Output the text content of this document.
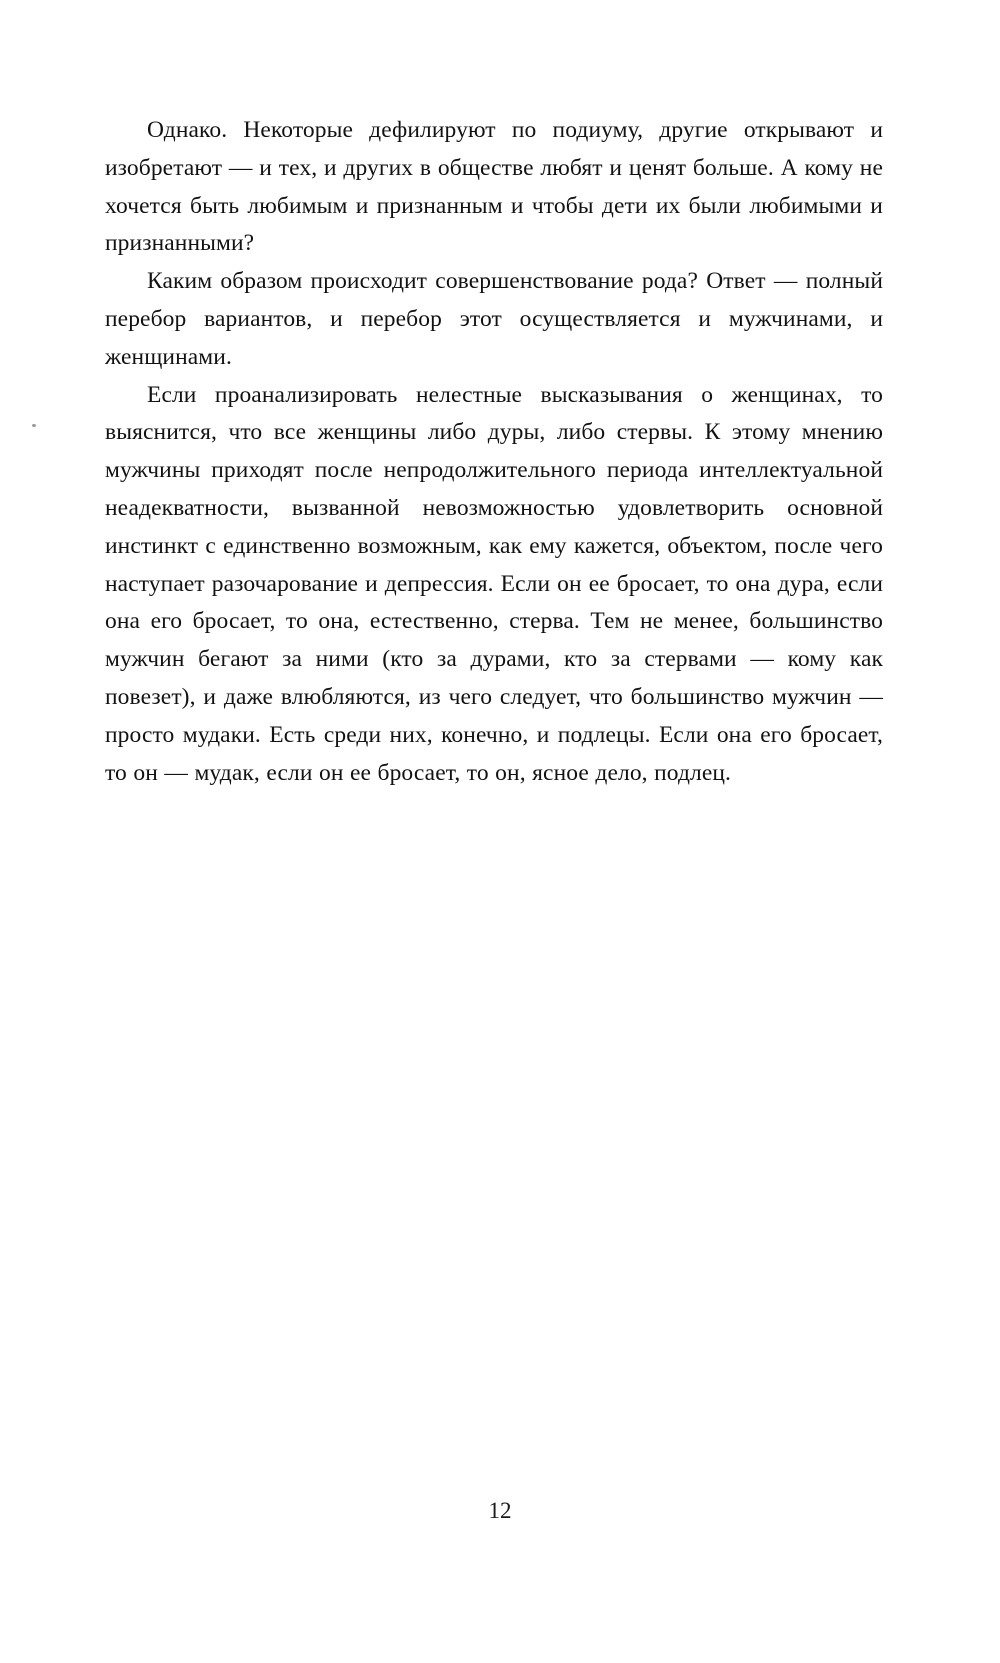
Однако. Некоторые дефилируют по подиуму, другие открывают и изобретают — и тех, и других в обществе любят и ценят больше. А кому не хочется быть любимым и признанным и чтобы дети их были любимыми и признанными?

Каким образом происходит совершенствование рода? Ответ — полный перебор вариантов, и перебор этот осуществляется и мужчинами, и женщинами.

Если проанализировать нелестные высказывания о женщинах, то выяснится, что все женщины либо дуры, либо стервы. К этому мнению мужчины приходят после непродолжительного периода интеллектуальной неадекватности, вызванной невозможностью удовлетворить основной инстинкт с единственно возможным, как ему кажется, объектом, после чего наступает разочарование и депрессия. Если он ее бросает, то она дура, если она его бросает, то она, естественно, стерва. Тем не менее, большинство мужчин бегают за ними (кто за дурами, кто за стервами — кому как повезет), и даже влюбляются, из чего следует, что большинство мужчин — просто мудаки. Есть среди них, конечно, и подлецы. Если она его бросает, то он — мудак, если он ее бросает, то он, ясное дело, подлец.

12
